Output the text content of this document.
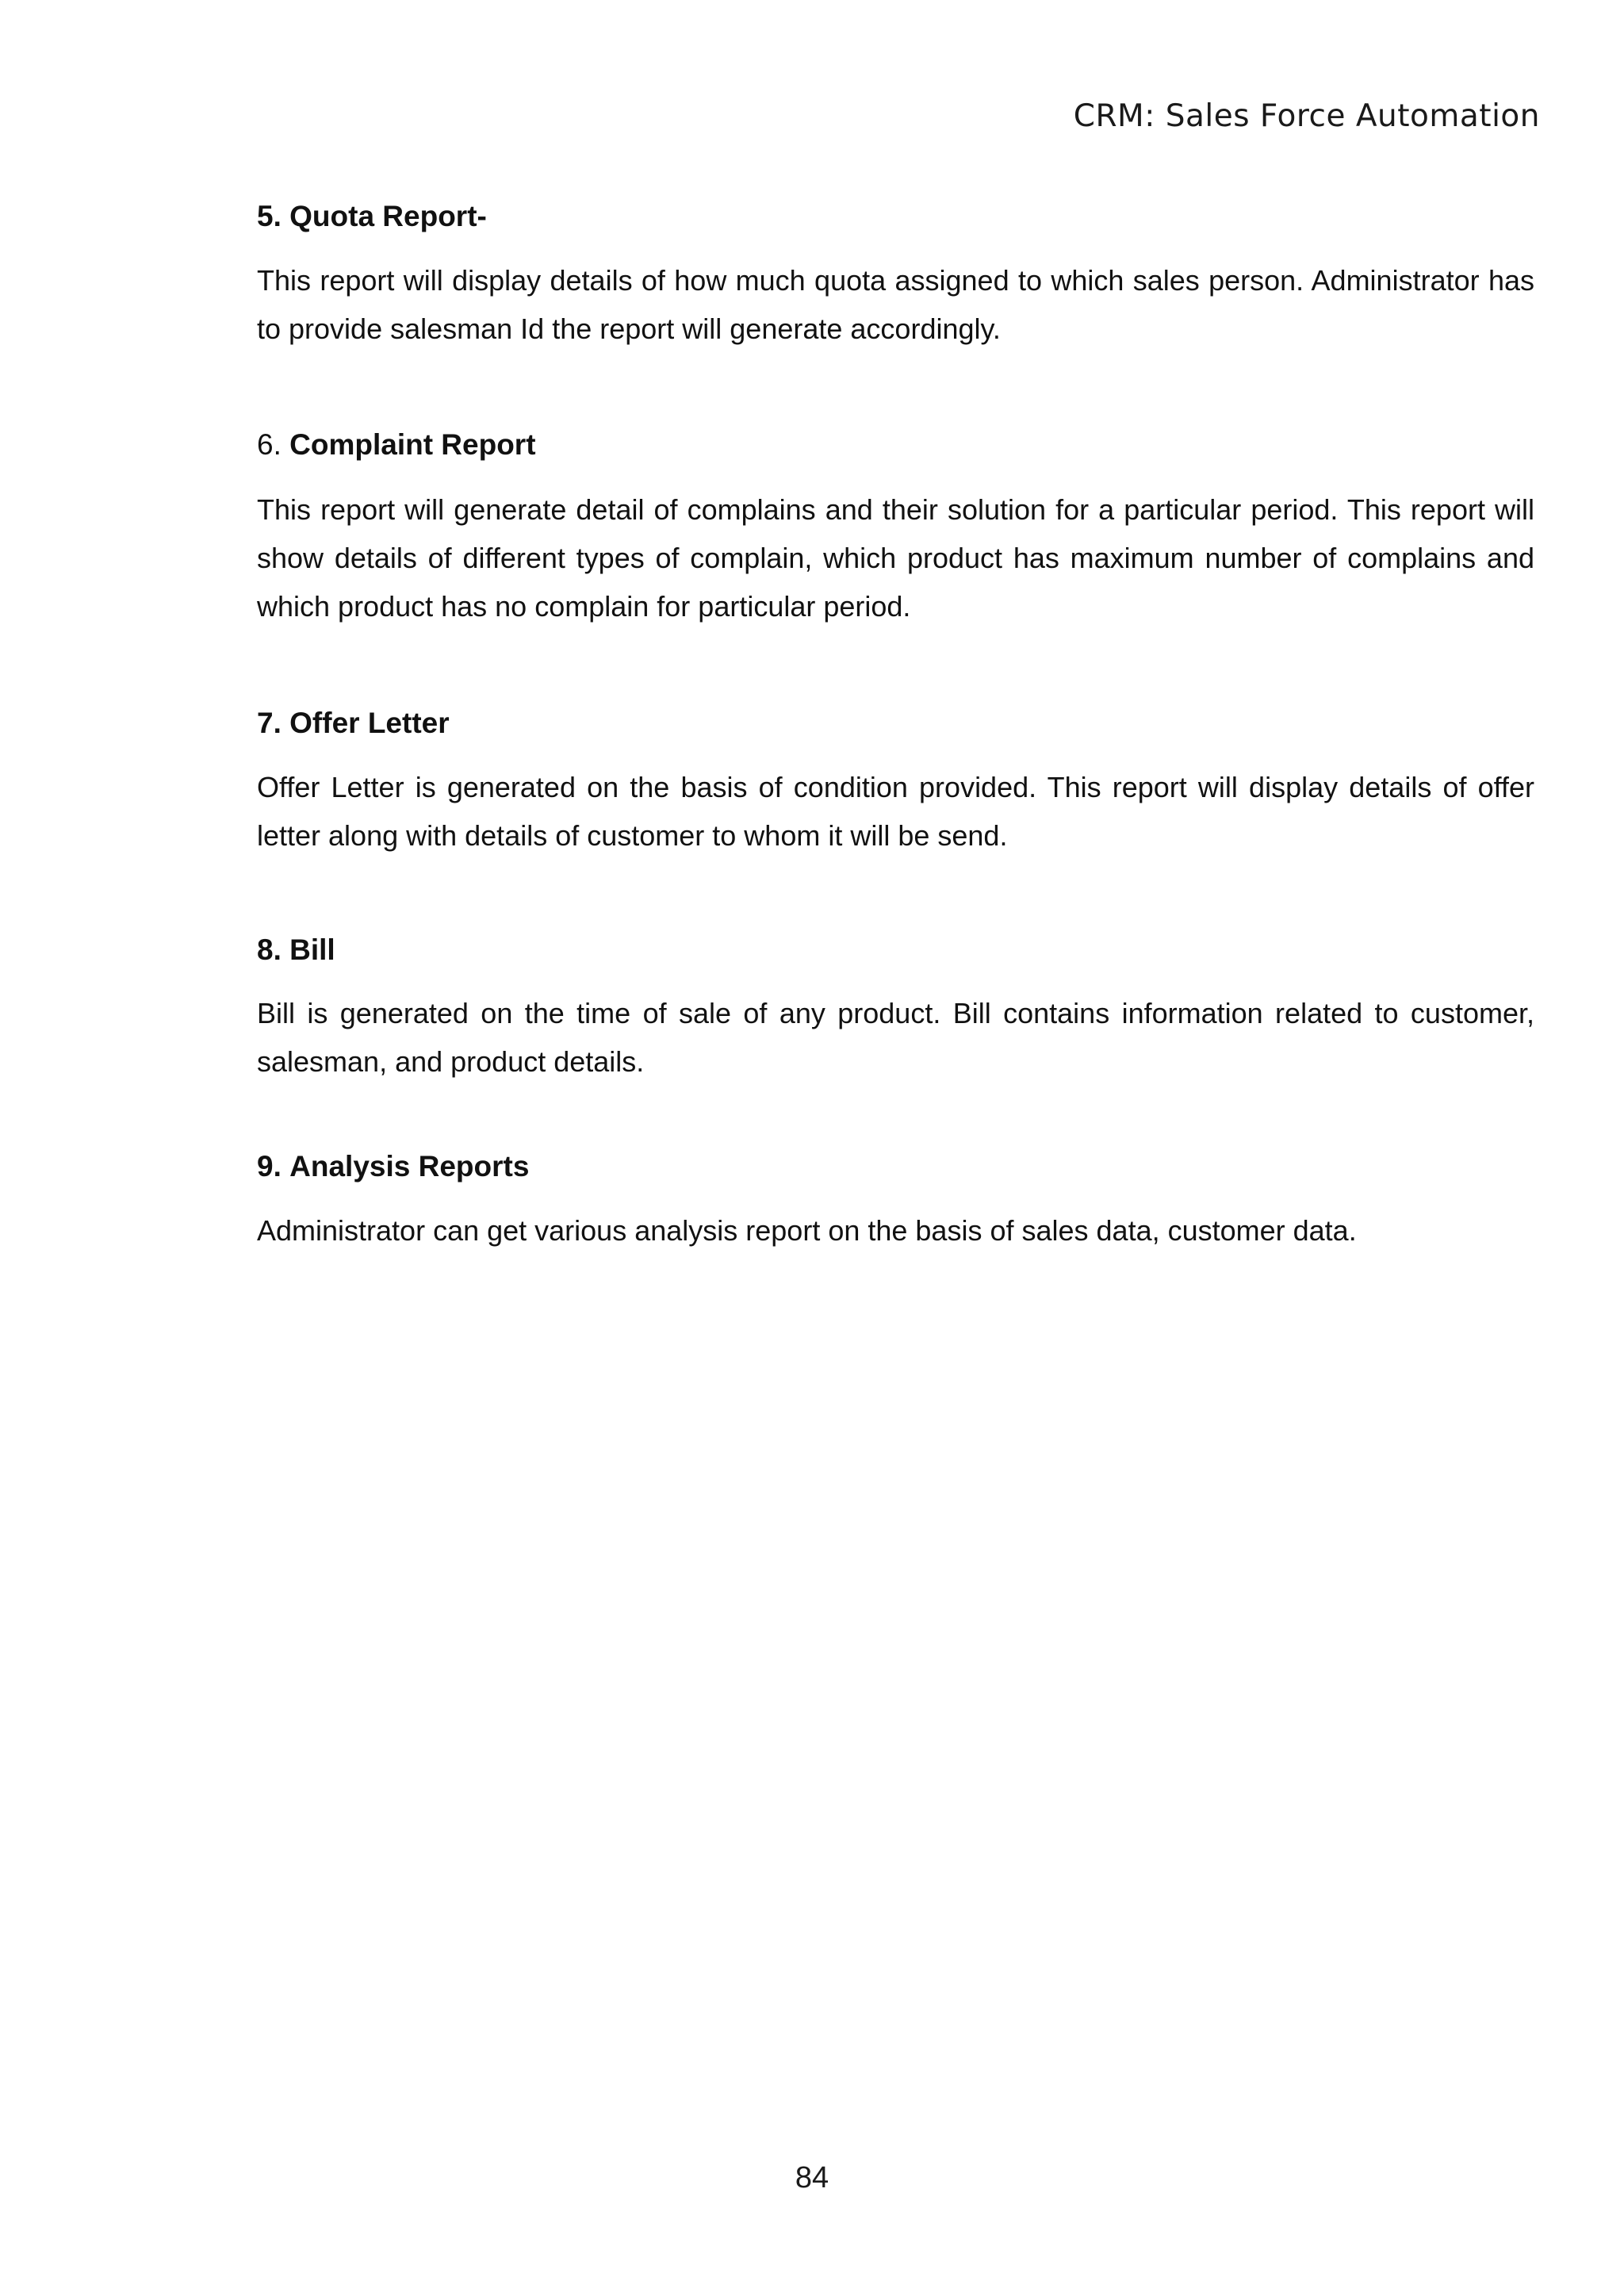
CRM: Sales Force Automation
5. Quota Report-

This report will display details of how much quota assigned to which sales person. Administrator has to provide salesman Id the report will generate accordingly.

6. Complaint Report

This report will generate detail of complains and their solution for a particular period. This report will show details of different types of complain, which product has maximum number of complains and which product has no complain for particular period.

7. Offer Letter

Offer Letter is generated on the basis of condition provided. This report will display details of offer letter along with details of customer to whom it will be send.

8. Bill

Bill is generated on the time of sale of any product. Bill contains information related to customer, salesman, and product details.

9. Analysis Reports

Administrator can get various analysis report on the basis of sales data, customer data.

84
